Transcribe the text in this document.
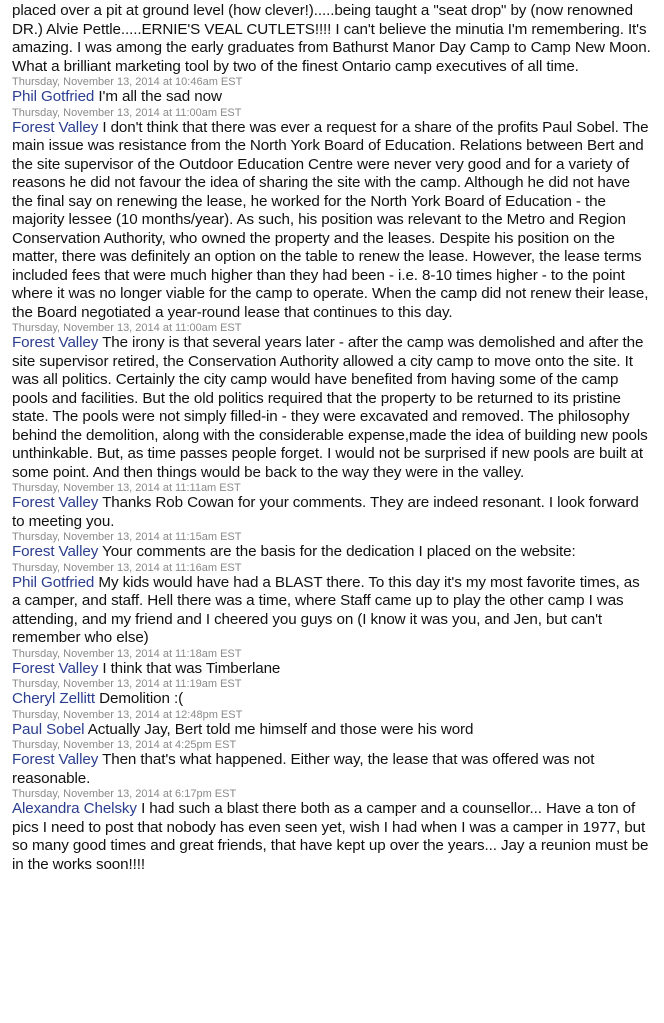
placed over a pit at ground level (how clever!).....being taught a "seat drop" by (now renowned DR.) Alvie Pettle.....ERNIE'S VEAL CUTLETS!!!! I can't believe the minutia I'm remembering. It's amazing. I was among the early graduates from Bathurst Manor Day Camp to Camp New Moon. What a brilliant marketing tool by two of the finest Ontario camp executives of all time.

Thursday, November 13, 2014 at 10:46am EST

Phil Gotfried I'm all the sad now

Thursday, November 13, 2014 at 11:00am EST

Forest Valley I don't think that there was ever a request for a share of the profits Paul Sobel. The main issue was resistance from the North York Board of Education. Relations between Bert and the site supervisor of the Outdoor Education Centre were never very good and for a variety of reasons he did not favour the idea of sharing the site with the camp. Although he did not have the final say on renewing the lease, he worked for the North York Board of Education - the majority lessee (10 months/year). As such, his position was relevant to the Metro and Region Conservation Authority, who owned the property and the leases. Despite his position on the matter, there was definitely an option on the table to renew the lease. However, the lease terms included fees that were much higher than they had been - i.e. 8-10 times higher - to the point where it was no longer viable for the camp to operate. When the camp did not renew their lease, the Board negotiated a year-round lease that continues to this day.

Thursday, November 13, 2014 at 11:00am EST

Forest Valley The irony is that several years later - after the camp was demolished and after the site supervisor retired, the Conservation Authority allowed a city camp to move onto the site. It was all politics. Certainly the city camp would have benefited from having some of the camp pools and facilities. But the old politics required that the property to be returned to its pristine state. The pools were not simply filled-in - they were excavated and removed. The philosophy behind the demolition, along with the considerable expense,made the idea of building new pools unthinkable. But, as time passes people forget. I would not be surprised if new pools are built at some point. And then things would be back to the way they were in the valley.

Thursday, November 13, 2014 at 11:11am EST

Forest Valley Thanks Rob Cowan for your comments. They are indeed resonant. I look forward to meeting you.

Thursday, November 13, 2014 at 11:15am EST

Forest Valley Your comments are the basis for the dedication I placed on the website:

Thursday, November 13, 2014 at 11:16am EST

Phil Gotfried My kids would have had a BLAST there. To this day it's my most favorite times, as a camper, and staff. Hell there was a time, where Staff came up to play the other camp I was attending, and my friend and I cheered you guys on (I know it was you, and Jen, but can't remember who else)

Thursday, November 13, 2014 at 11:18am EST

Forest Valley I think that was Timberlane

Thursday, November 13, 2014 at 11:19am EST

Cheryl Zellitt Demolition :(

Thursday, November 13, 2014 at 12:48pm EST

Paul Sobel Actually Jay, Bert told me himself and those were his word

Thursday, November 13, 2014 at 4:25pm EST

Forest Valley Then that's what happened. Either way, the lease that was offered was not reasonable.

Thursday, November 13, 2014 at 6:17pm EST

Alexandra Chelsky I had such a blast there both as a camper and a counsellor... Have a ton of pics I need to post that nobody has even seen yet, wish I had when I was a camper in 1977, but so many good times and great friends, that have kept up over the years... Jay a reunion must be in the works soon!!!!
